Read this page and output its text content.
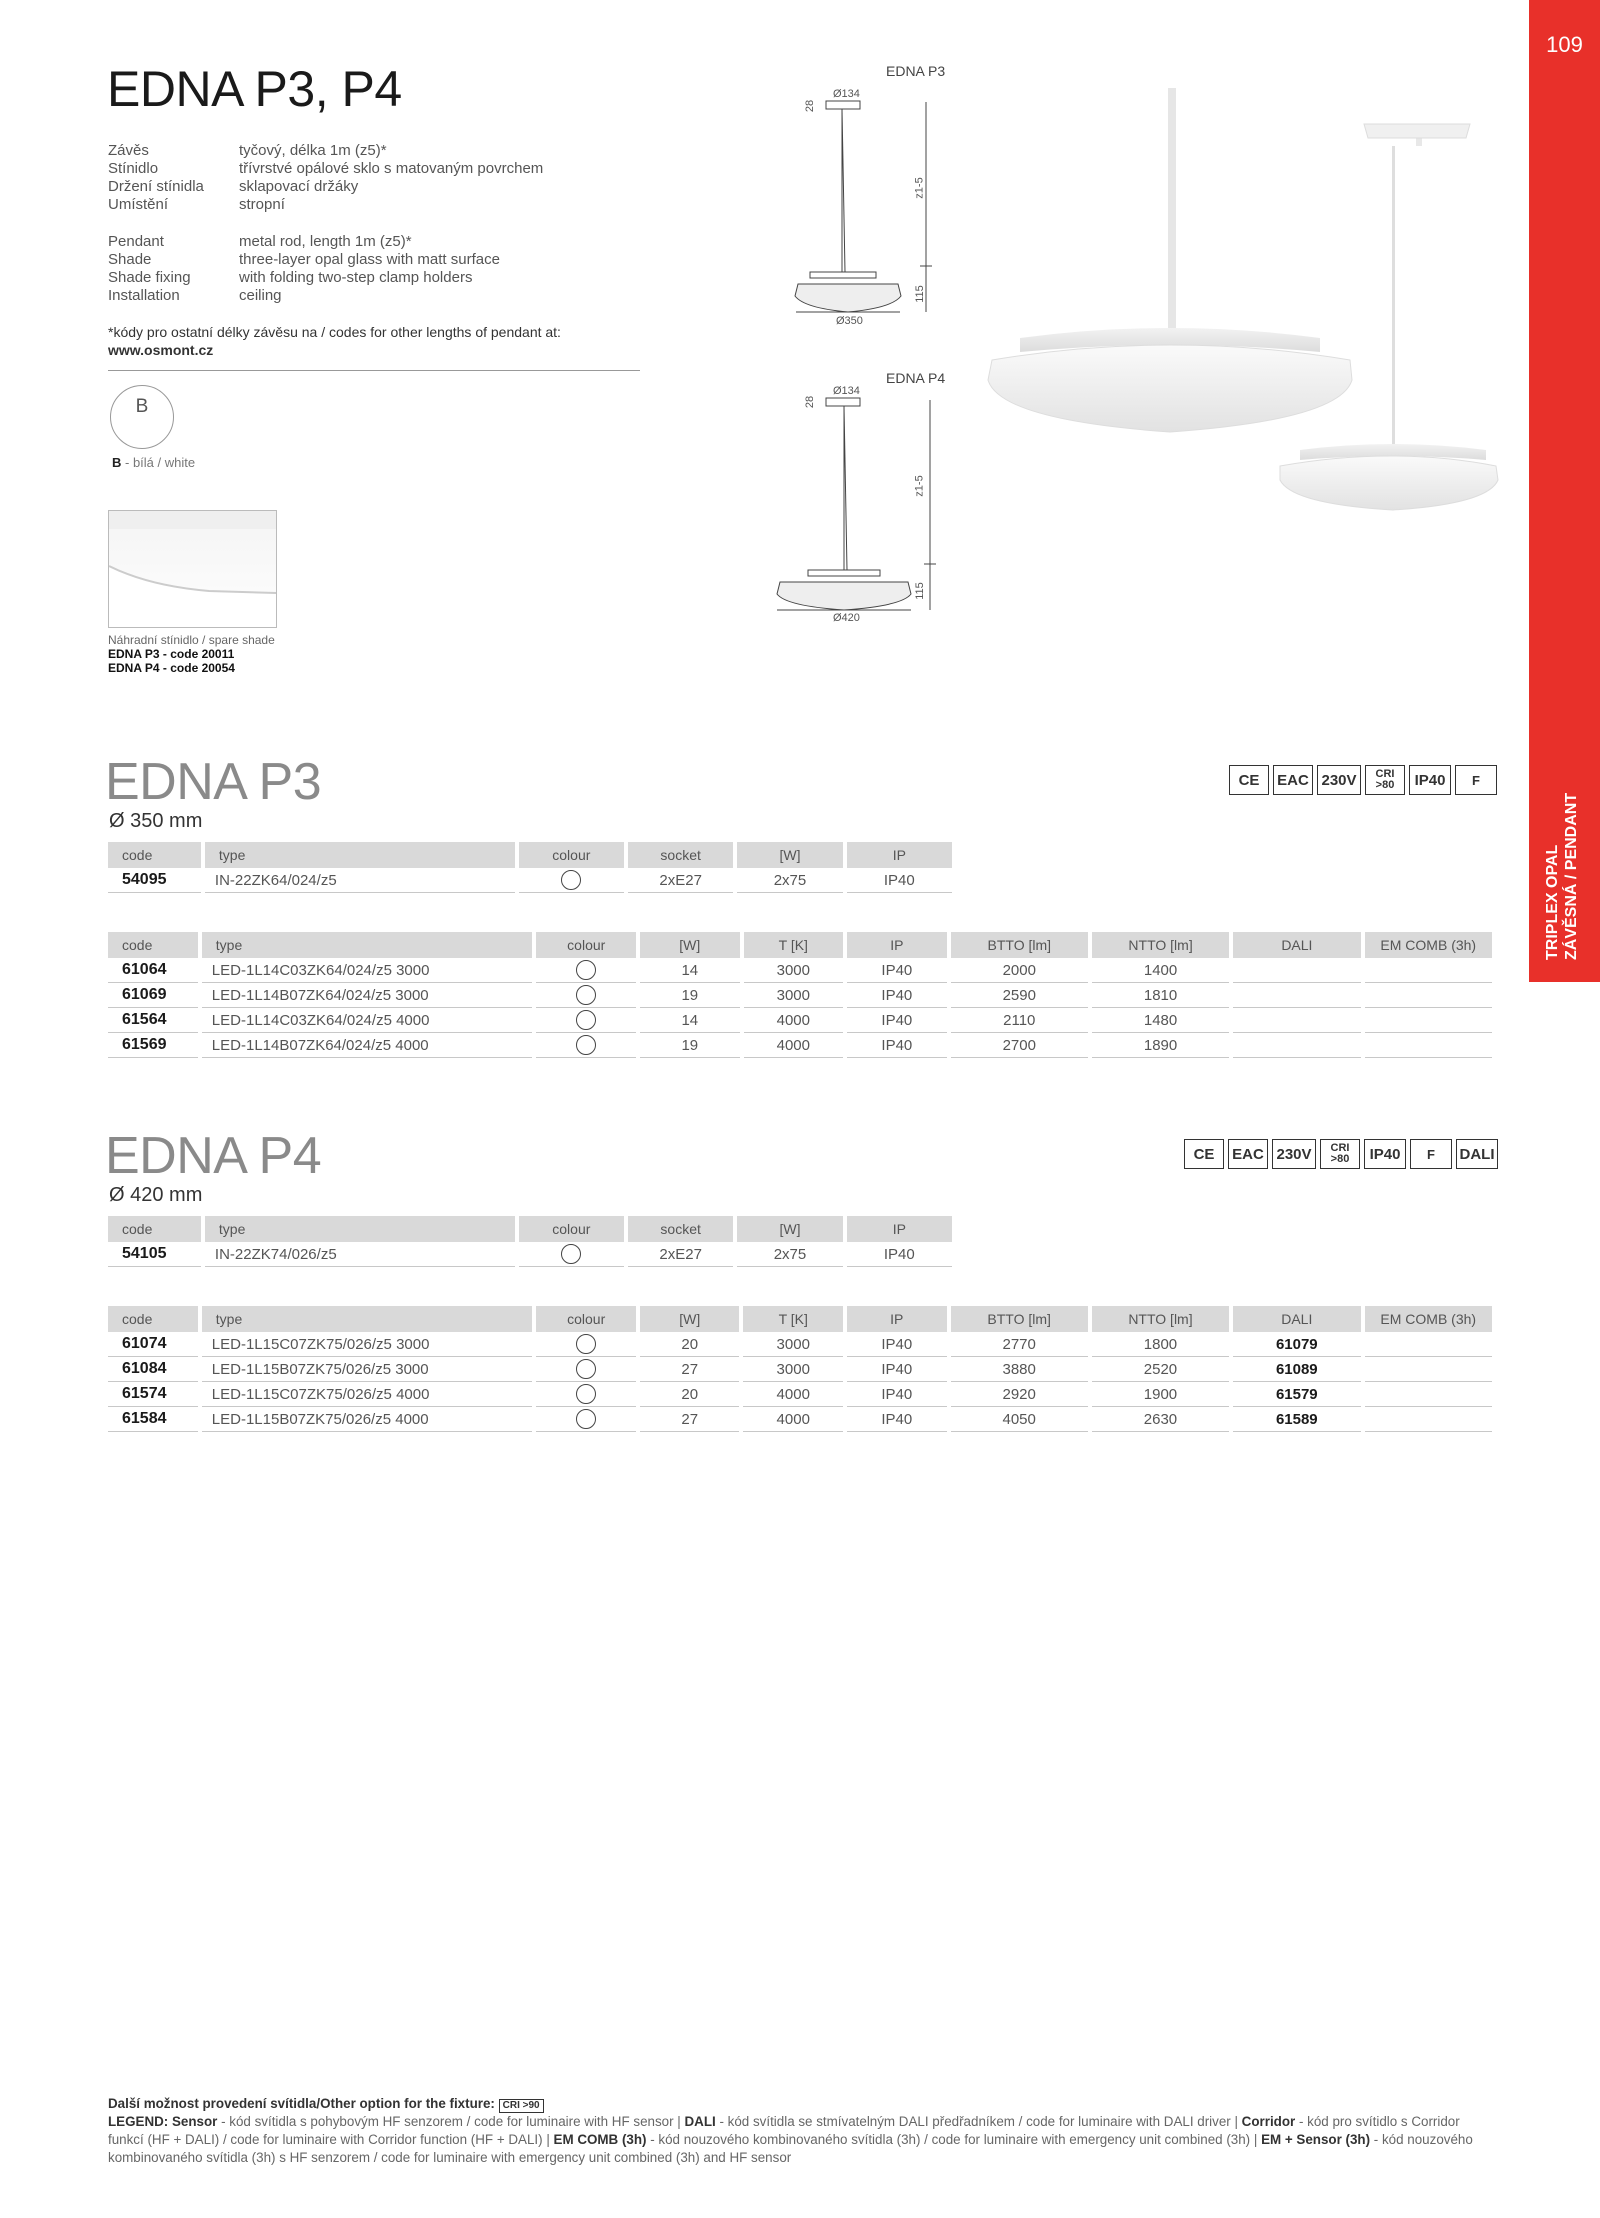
109
TRIPLEX OPAL ZÁVĚSNÁ / PENDANT
EDNA P3, P4
Závěs	tyčový, délka 1m (z5)*
Stínidlo	třívrstvé opálové sklo s matovaným povrchem
Držení stínidla sklapovací držáky
Umístění	stropní
Pendant	metal rod, length 1m (z5)*
Shade	three-layer opal glass with matt surface
Shade fixing	with folding two-step clamp holders
Installation	ceiling
*kódy pro ostatní délky závěsu na / codes for other lengths of pendant at:
www.osmont.cz
B
B - bílá / white
Náhradní stínidlo / spare shade
EDNA P3 - code 20011
EDNA P4 - code 20054
EDNA P3
Ø134
28
z1-5
115
Ø350
EDNA P4
Ø134
28
z1-5
115
Ø420
EDNA P3
Ø 350 mm
CE	EAC 230V	CRI >80	IP40	F
code	type	colour	socket	[W]	IP
54095	IN-22ZK64/024/z5		2xE27	2x75	IP40
code	type	colour	[W]	T [K]	IP	BTTO [lm]	NTTO [lm]	DALI	EM COMB (3h)
61064	LED-1L14C03ZK64/024/z5 3000		14	3000	IP40	2000	1400		
61069	LED-1L14B07ZK64/024/z5 3000		19	3000	IP40	2590	1810		
61564	LED-1L14C03ZK64/024/z5 4000		14	4000	IP40	2110	1480		
61569	LED-1L14B07ZK64/024/z5 4000		19	4000	IP40	2700	1890		
EDNA P4
Ø 420 mm
CE	EAC 230V	CRI >80	IP40	F	DALI
code	type	colour	socket	[W]	IP
54105	IN-22ZK74/026/z5		2xE27	2x75	IP40
code	type	colour	[W]	T [K]	IP	BTTO [lm]	NTTO [lm]	DALI	EM COMB (3h)
61074	LED-1L15C07ZK75/026/z5 3000		20	3000	IP40	2770	1800	61079	
61084	LED-1L15B07ZK75/026/z5 3000		27	3000	IP40	3880	2520	61089	
61574	LED-1L15C07ZK75/026/z5 4000		20	4000	IP40	2920	1900	61579	
61584	LED-1L15B07ZK75/026/z5 4000		27	4000	IP40	4050	2630	61589	
Další možnost provedení svítidla/Other option for the fixture: CRI >90
LEGEND: Sensor - kód svítidla s pohybovým HF senzorem / code for luminaire with HF sensor | DALI - kód svítidla se stmívatelným DALI předřadníkem / code for luminaire with DALI driver | Corridor - kód pro svítidlo s Corridor funkcí (HF + DALI) / code for luminaire with Corridor function (HF + DALI) | EM COMB (3h) - kód nouzového kombinovaného svítidla (3h) / code for luminaire with emergency unit combined (3h) | EM + Sensor (3h) - kód nouzového kombinovaného svítidla (3h) s HF senzorem / code for luminaire with emergency unit combined (3h) and HF sensor
